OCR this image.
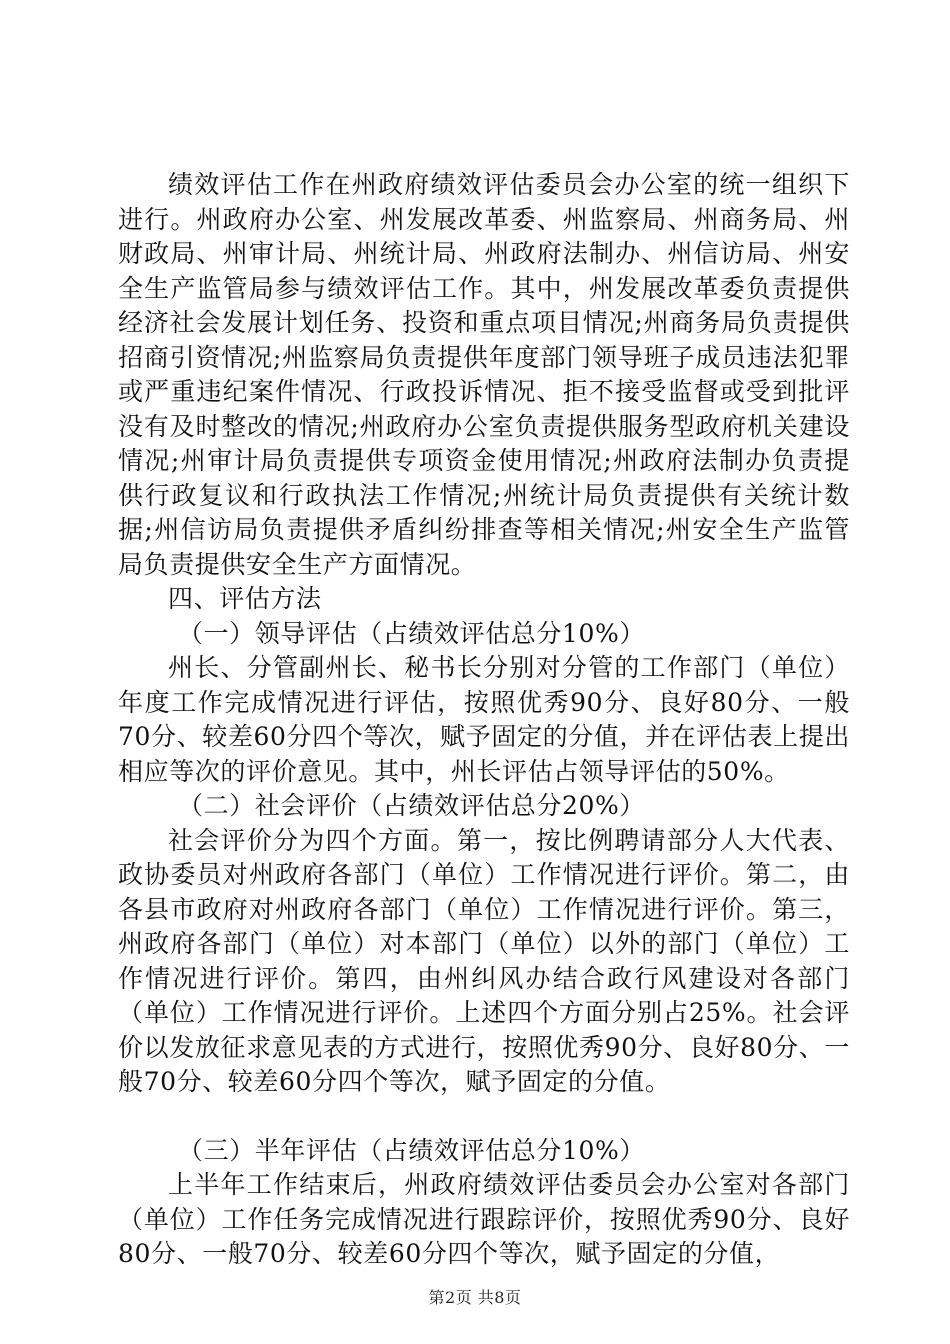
绩效评估工作在州政府绩效评估委员会办公室的统一组织下进行。州政府办公室、州发展改革委、州监察局、州商务局、州财政局、州审计局、州统计局、州政府法制办、州信访局、州安全生产监管局参与绩效评估工作。其中，州发展改革委负责提供经济社会发展计划任务、投资和重点项目情况;州商务局负责提供招商引资情况;州监察局负责提供年度部门领导班子成员违法犯罪或严重违纪案件情况、行政投诉情况、拒不接受监督或受到批评没有及时整改的情况;州政府办公室负责提供服务型政府机关建设情况;州审计局负责提供专项资金使用情况;州政府法制办负责提供行政复议和行政执法工作情况;州统计局负责提供有关统计数据;州信访局负责提供矛盾纠纷排查等相关情况;州安全生产监管局负责提供安全生产方面情况。

四、评估方法

（一）领导评估（占绩效评估总分10%）

州长、分管副州长、秘书长分别对分管的工作部门（单位）年度工作完成情况进行评估，按照优秀90分、良好80分、一般70分、较差60分四个等次，赋予固定的分值，并在评估表上提出相应等次的评价意见。其中，州长评估占领导评估的50%。

（二）社会评价（占绩效评估总分20%）

社会评价分为四个方面。第一，按比例聘请部分人大代表、政协委员对州政府各部门（单位）工作情况进行评价。第二，由各县市政府对州政府各部门（单位）工作情况进行评价。第三，州政府各部门（单位）对本部门（单位）以外的部门（单位）工作情况进行评价。第四，由州纠风办结合政行风建设对各部门（单位）工作情况进行评价。上述四个方面分别占25%。社会评价以发放征求意见表的方式进行，按照优秀90分、良好80分、一般70分、较差60分四个等次，赋予固定的分值。

（三）半年评估（占绩效评估总分10%）

上半年工作结束后，州政府绩效评估委员会办公室对各部门（单位）工作任务完成情况进行跟踪评价，按照优秀90分、良好80分、一般70分、较差60分四个等次，赋予固定的分值，

第2页 共8页
